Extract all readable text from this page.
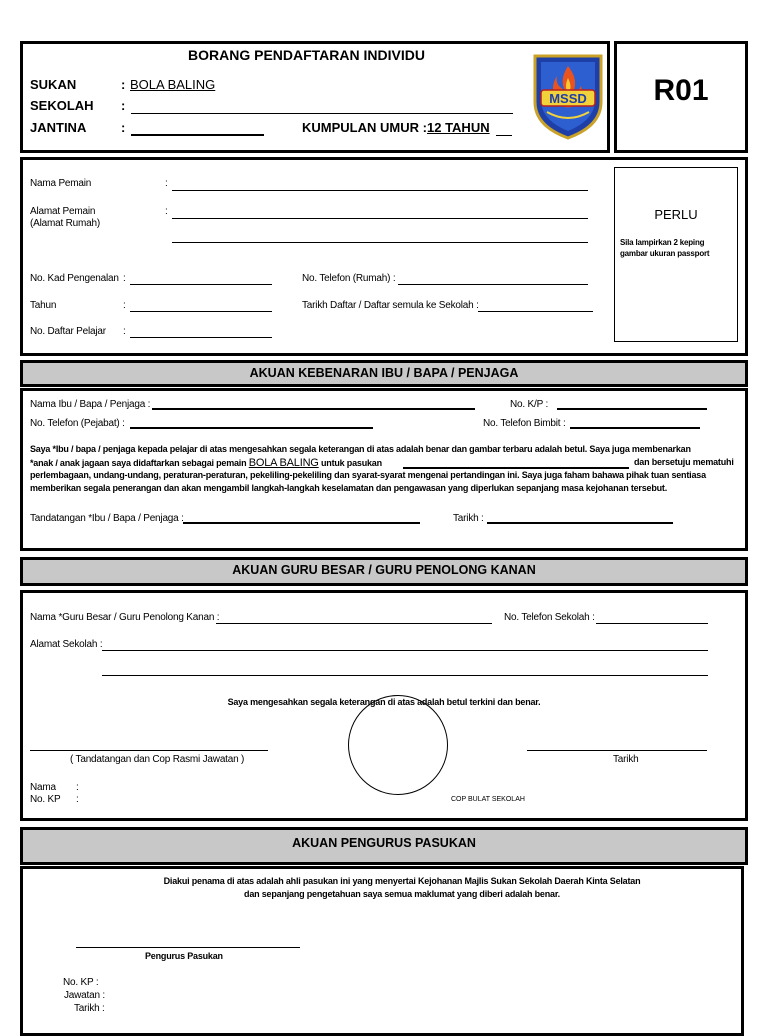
R01
BORANG PENDAFTARAN INDIVIDU
SUKAN	: BOLA BALING
SEKOLAH :
JANTINA	:	KUMPULAN UMUR : 12 TAHUN
MSSD
Nama Pemain	:
Alamat Pemain
(Alamat Rumah)
:
No. Kad Pengenalan :	No. Telefon (Rumah) :
Tahun	:	Tarikh Daftar / Daftar semula ke Sekolah :
No. Daftar Pelajar :
PERLU
Sila lampirkan 2 keping gambar ukuran passport
AKUAN KEBENARAN IBU / BAPA / PENJAGA
Nama Ibu / Bapa / Penjaga :	No. K/P :
No. Telefon (Pejabat) :	No. Telefon Bimbit :
Saya *Ibu / bapa / penjaga kepada pelajar di atas mengesahkan segala keterangan di atas adalah benar dan gambar terbaru adalah betul. Saya juga membenarkan
*anak / anak jagaan saya didaftarkan sebagai pemain BOLA BALING untuk pasukan	dan bersetuju mematuhi
perlembagaan, undang-undang, peraturan-peraturan, pekeliling-pekeliling dan syarat-syarat mengenai pertandingan ini. Saya juga faham bahawa pihak tuan sentiasa
memberikan segala penerangan dan akan mengambil langkah-langkah keselamatan dan pengawasan yang diperlukan sepanjang masa kejohanan tersebut.
Tandatangan *Ibu / Bapa / Penjaga :	Tarikh :
AKUAN GURU BESAR / GURU PENOLONG KANAN
Nama *Guru Besar / Guru Penolong Kanan :	No. Telefon Sekolah :
Alamat Sekolah :
Saya mengesahkan segala keterangan di atas adalah betul terkini dan benar.
( Tandatangan dan Cop Rasmi Jawatan )
COP BULAT SEKOLAH
Tarikh
Nama :
No. KP :
AKUAN PENGURUS PASUKAN
Diakui penama di atas adalah ahli pasukan ini yang menyertai Kejohanan Majlis Sukan Sekolah Daerah Kinta Selatan
dan sepanjang pengetahuan saya semua maklumat yang diberi adalah benar.
Pengurus Pasukan
No. KP :
Jawatan :
Tarikh :
